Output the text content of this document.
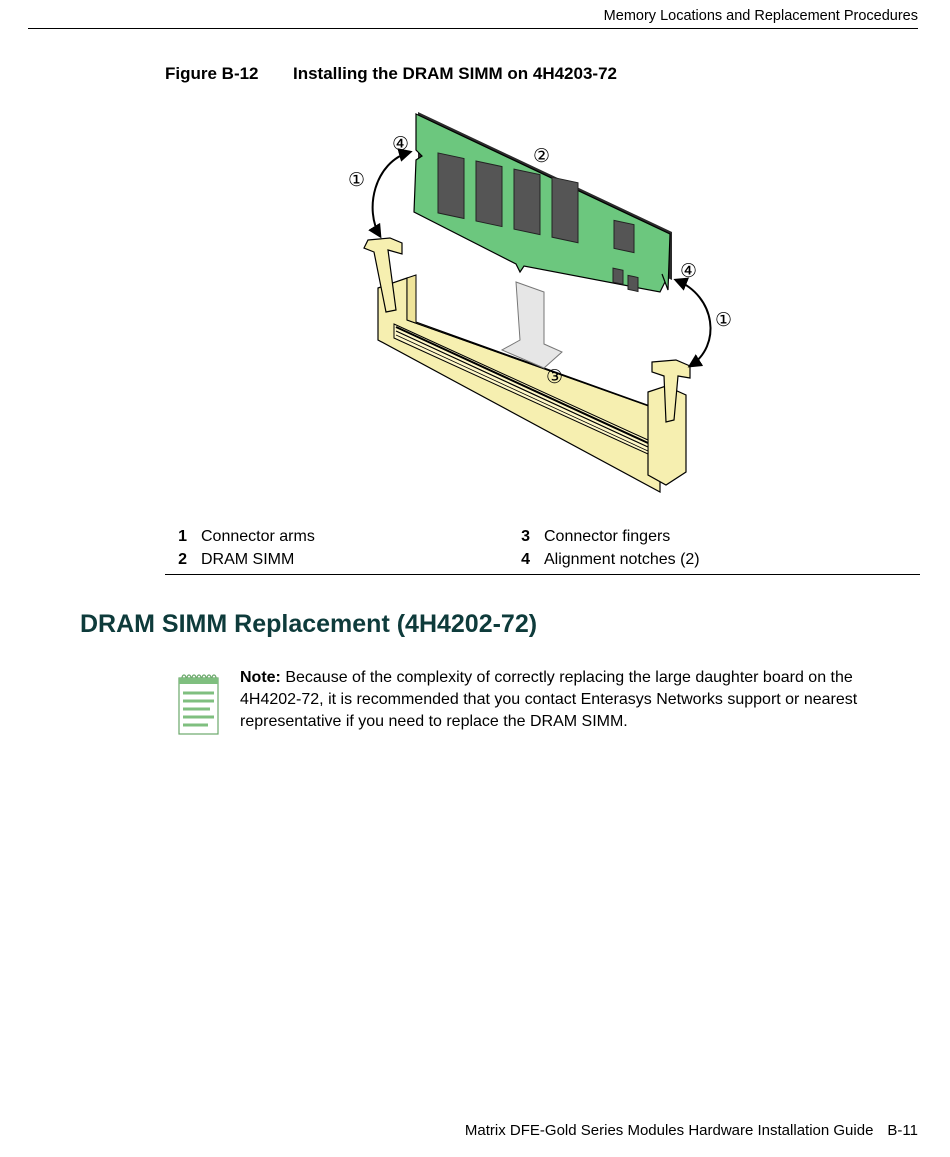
Memory Locations and Replacement Procedures
Figure B-12 Installing the DRAM SIMM on 4H4203-72
①
④
②
④
①
③
1 Connector arms	3 Connector fingers
2 DRAM SIMM	4 Alignment notches (2)
DRAM SIMM Replacement (4H4202-72)
Note: Because of the complexity of correctly replacing the large daughter board on the 4H4202-72, it is recommended that you contact Enterasys Networks support or nearest representative if you need to replace the DRAM SIMM.
Matrix DFE-Gold Series Modules Hardware Installation Guide B-11
